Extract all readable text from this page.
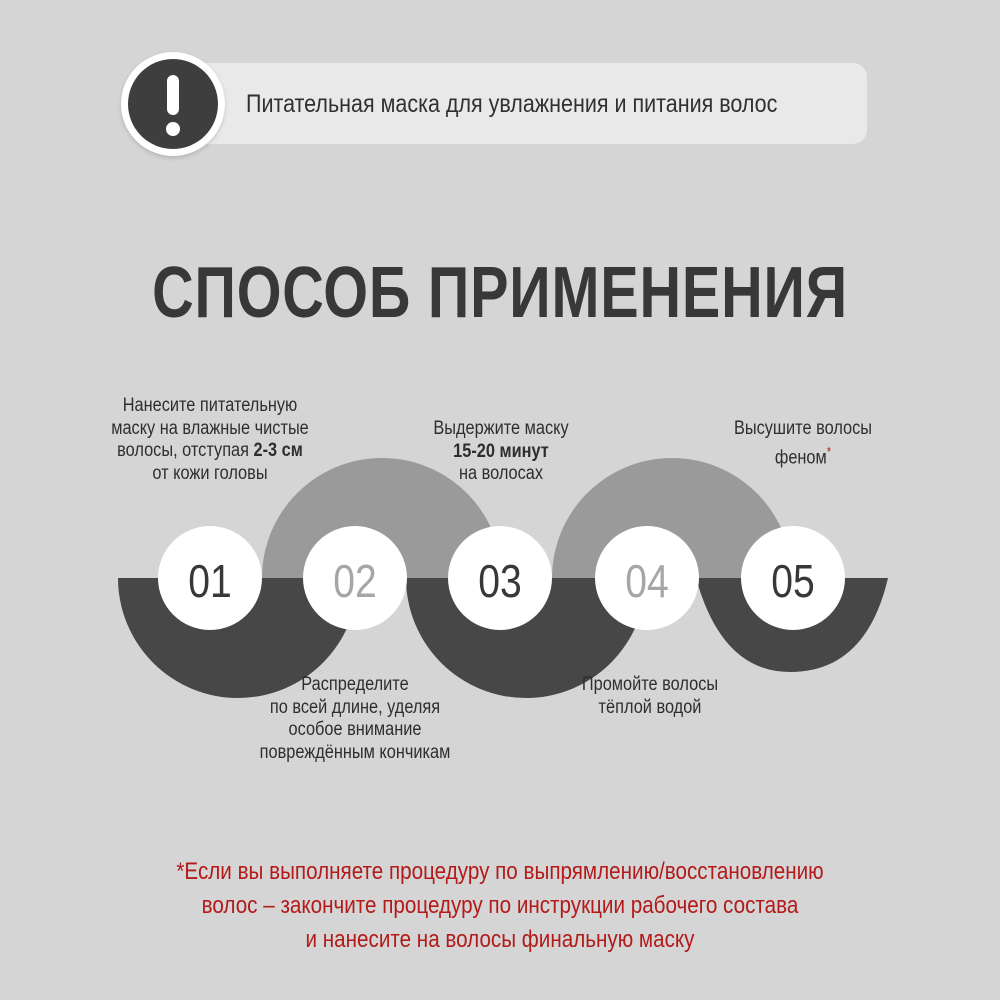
Питательная маска для увлажнения и питания волос
СПОСОБ ПРИМЕНЕНИЯ
01 02 03 04 05
Нанесите питательную
маску на влажные чистые
волосы, отступая 2-3 см
от кожи головы
Выдержите маску
15-20 минут
на волосах
Высушите волосы
феном*
Распределите
по всей длине, уделяя
особое внимание
повреждённым кончикам
Промойте волосы
тёплой водой
*Если вы выполняете процедуру по выпрямлению/восстановлению
волос – закончите процедуру по инструкции рабочего состава
и нанесите на волосы финальную маску
